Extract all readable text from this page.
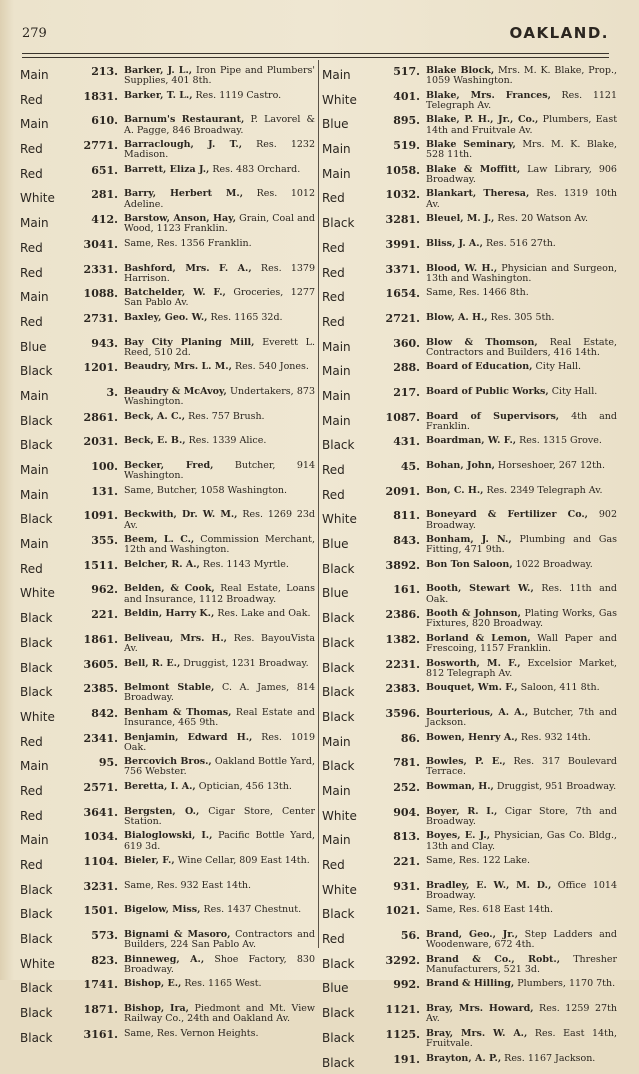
279	OAKLAND.
Main	213. Barker, J. L., Iron Pipe and Plumbers' Supplies, 401 8th.
Red	1831. Barker, T. L., Res. 1119 Castro.
Main	610. Barnum's Restaurant, P. Lavorel & A. Pagge, 846 Broadway.
Red	2771. Barraclough, J. T., Res. 1232 Madison.
Red	651. Barrett, Eliza J., Res. 483 Orchard.
White	281. Barry, Herbert M., Res. 1012 Adeline.
Main	412. Barstow, Anson, Hay, Grain, Coal and Wood, 1123 Franklin.
Red	3041. Same, Res. 1356 Franklin.
Red	2331. Bashford, Mrs. F. A., Res. 1379 Harrison.
Main	1088. Batchelder, W. F., Groceries, 1277 San Pablo Av.
Red	2731. Baxley, Geo. W., Res. 1165 32d.
Blue	943. Bay City Planing Mill, Everett L. Reed, 510 2d.
Black	1201. Beaudry, Mrs. L. M., Res. 540 Jones.
Main	3. Beaudry & McAvoy, Undertakers, 873 Washington.
Black	2861. Beck, A. C., Res. 757 Brush.
Black	2031. Beck, E. B., Res. 1339 Alice.
Main	100. Becker, Fred, Butcher, 914 Washington.
Main	131. Same, Butcher, 1058 Washington.
Black	1091. Beckwith, Dr. W. M., Res. 1269 23d Av.
Main	355. Beem, L. C., Commission Merchant, 12th and Washington.
Red	1511. Belcher, R. A., Res. 1143 Myrtle.
White	962. Belden, & Cook, Real Estate, Loans and Insurance, 1112 Broadway.
Black	221. Beldin, Harry K., Res. Lake and Oak.
Black	1861. Beliveau, Mrs. H., Res. BayouVista Av.
Black	3605. Bell, R. E., Druggist, 1231 Broadway.
Black	2385. Belmont Stable, C. A. James, 814 Broadway.
White	842. Benham & Thomas, Real Estate and Insurance, 465 9th.
Red	2341. Benjamin, Edward H., Res. 1019 Oak.
Main	95. Bercovich Bros., Oakland Bottle Yard, 756 Webster.
Red	2571. Beretta, I. A., Optician, 456 13th.
Red	3641. Bergsten, O., Cigar Store, Center Station.
Main	1034. Bialoglowski, I., Pacific Bottle Yard, 619 3d.
Red	1104. Bieler, F., Wine Cellar, 809 East 14th.
Black	3231. Same, Res. 932 East 14th.
Black	1501. Bigelow, Miss, Res. 1437 Chestnut.
Black	573. Bignami & Masoro, Contractors and Builders, 224 San Pablo Av.
White	823. Binneweg, A., Shoe Factory, 830 Broadway.
Black	1741. Bishop, E., Res. 1165 West.
Black	1871. Bishop, Ira, Piedmont and Mt. View Railway Co., 24th and Oakland Av.
Black	3161. Same, Res. Vernon Heights.
Main	517. Blake Block, Mrs. M. K. Blake, Prop., 1059 Washington.
White	401. Blake, Mrs. Frances, Res. 1121 Telegraph Av.
Blue	895. Blake, P. H., Jr., Co., Plumbers, East 14th and Fruitvale Av.
Main	519. Blake Seminary, Mrs. M. K. Blake, 528 11th.
Main	1058. Blake & Moffitt, Law Library, 906 Broadway.
Red	1032. Blankart, Theresa, Res. 1319 10th Av.
Black	3281. Bleuel, M. J., Res. 20 Watson Av.
Red	3991. Bliss, J. A., Res. 516 27th.
Red	3371. Blood, W. H., Physician and Surgeon, 13th and Washington.
Red	1654. Same, Res. 1466 8th.
Red	2721. Blow, A. H., Res. 305 5th.
Main	360. Blow & Thomson, Real Estate, Contractors and Builders, 416 14th.
Main	288. Board of Education, City Hall.
Main	217. Board of Public Works, City Hall.
Main	1087. Board of Supervisors, 4th and Franklin.
Black	431. Boardman, W. F., Res. 1315 Grove.
Red	45. Bohan, John, Horseshoer, 267 12th.
Red	2091. Bon, C. H., Res. 2349 Telegraph Av.
White	811. Boneyard & Fertilizer Co., 902 Broadway.
Blue	843. Bonham, J. N., Plumbing and Gas Fitting, 471 9th.
Black	3892. Bon Ton Saloon, 1022 Broadway.
Blue	161. Booth, Stewart W., Res. 11th and Oak.
Black	2386. Booth & Johnson, Plating Works, Gas Fixtures, 820 Broadway.
Black	1382. Borland & Lemon, Wall Paper and Frescoing, 1157 Franklin.
Black	2231. Bosworth, M. F., Excelsior Market, 812 Telegraph Av.
Black	2383. Bouquet, Wm. F., Saloon, 411 8th.
Black	3596. Bourterious, A. A., Butcher, 7th and Jackson.
Main	86. Bowen, Henry A., Res. 932 14th.
Black	781. Bowles, P. E., Res. 317 Boulevard Terrace.
Main	252. Bowman, H., Druggist, 951 Broadway.
White	904. Boyer, R. I., Cigar Store, 7th and Broadway.
Main	813. Boyes, E. J., Physician, Gas Co. Bldg., 13th and Clay.
Red	221. Same, Res. 122 Lake.
White	931. Bradley, E. W., M. D., Office 1014 Broadway.
Black	1021. Same, Res. 618 East 14th.
Red	56. Brand, Geo., Jr., Step Ladders and Woodenware, 672 4th.
Black	3292. Brand & Co., Robt., Thresher Manufacturers, 521 3d.
Blue	992. Brand & Hilling, Plumbers, 1170 7th.
Black	1121. Bray, Mrs. Howard, Res. 1259 27th Av.
Black	1125. Bray, Mrs. W. A., Res. East 14th, Fruitvale.
Black	191. Brayton, A. P., Res. 1167 Jackson.
